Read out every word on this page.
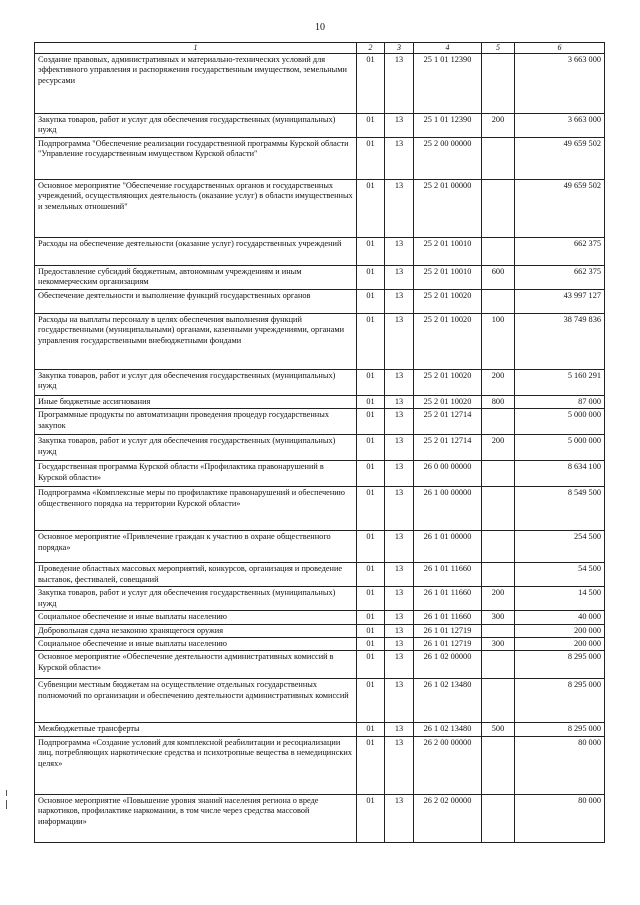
10
1	2	3	4	5	6
Создание правовых, административных и материально-технических условий для эффективного управления и распоряжения государственным имуществом, земельными ресурсами	01	13	25 1 01 12390		3 663 000
Закупка товаров, работ и услуг для обеспечения государственных (муниципальных) нужд	01	13	25 1 01 12390	200	3 663 000
Подпрограмма "Обеспечение реализации государственной программы Курской области "Управление государственным имуществом Курской области"	01	13	25 2 00 00000		49 659 502
Основное мероприятие "Обеспечение государственных органов и государственных учреждений, осуществляющих деятельность (оказание услуг) в области имущественных и земельных отношений"	01	13	25 2 01 00000		49 659 502
Расходы на обеспечение деятельности (оказание услуг) государственных учреждений	01	13	25 2 01 10010		662 375
Предоставление субсидий бюджетным, автономным учреждениям и иным некоммерческим организациям	01	13	25 2 01 10010	600	662 375
Обеспечение деятельности и выполнение функций государственных органов	01	13	25 2 01 10020		43 997 127
Расходы на выплаты персоналу в целях обеспечения выполнения функций государственными (муниципальными) органами, казенными учреждениями, органами управления государственными внебюджетными фондами	01	13	25 2 01 10020	100	38 749 836
Закупка товаров, работ и услуг для обеспечения государственных (муниципальных) нужд	01	13	25 2 01 10020	200	5 160 291
Иные бюджетные ассигнования	01	13	25 2 01 10020	800	87 000
Программные продукты по автоматизации проведения процедур государственных закупок	01	13	25 2 01 12714		5 000 000
Закупка товаров, работ и услуг для обеспечения государственных (муниципальных) нужд	01	13	25 2 01 12714	200	5 000 000
Государственная программа Курской области «Профилактика правонарушений в Курской области»	01	13	26 0 00 00000		8 634 100
Подпрограмма «Комплексные меры по профилактике правонарушений и обеспечению общественного порядка на территории Курской области»	01	13	26 1 00 00000		8 549 500
Основное мероприятие «Привлечение граждан к участию в охране общественного порядка»	01	13	26 1 01 00000		254 500
Проведение областных массовых мероприятий, конкурсов, организация и проведение выставок, фестивалей, совещаний	01	13	26 1 01 11660		54 500
Закупка товаров, работ и услуг для обеспечения государственных (муниципальных) нужд	01	13	26 1 01 11660	200	14 500
Социальное обеспечение и иные выплаты населению	01	13	26 1 01 11660	300	40 000
Добровольная сдача незаконно хранящегося оружия	01	13	26 1 01 12719		200 000
Социальное обеспечение и иные выплаты населению	01	13	26 1 01 12719	300	200 000
Основное мероприятие «Обеспечение деятельности административных комиссий в Курской области»	01	13	26 1 02 00000		8 295 000
Субвенции местным бюджетам на осуществление отдельных государственных полномочий по организации и обеспечению деятельности административных комиссий	01	13	26 1 02 13480		8 295 000
Межбюджетные трансферты	01	13	26 1 02 13480	500	8 295 000
Подпрограмма «Создание условий для комплексной реабилитации и ресоциализации лиц, потребляющих наркотические средства и психотропные вещества в немедицинских целях»	01	13	26 2 00 00000		80 000
Основное мероприятие «Повышение уровня знаний населения региона о вреде наркотиков, профилактике наркомании, в том числе через средства массовой информации»	01	13	26 2 02 00000		80 000
